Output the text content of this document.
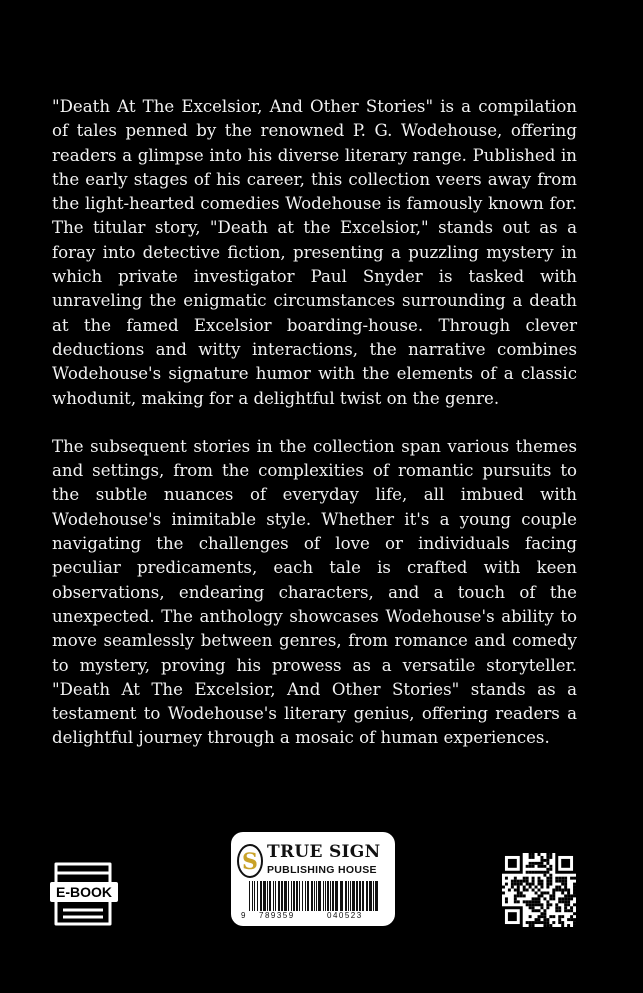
"Death At The Excelsior, And Other Stories" is a compilation of tales penned by the renowned P. G. Wodehouse, offering readers a glimpse into his diverse literary range. Published in the early stages of his career, this collection veers away from the light-hearted comedies Wodehouse is famously known for. The titular story, "Death at the Excelsior," stands out as a foray into detective fiction, presenting a puzzling mystery in which private investigator Paul Snyder is tasked with unraveling the enigmatic circumstances surrounding a death at the famed Excelsior boarding-house. Through clever deductions and witty interactions, the narrative combines Wodehouse's signature humor with the elements of a classic whodunit, making for a delightful twist on the genre.

The subsequent stories in the collection span various themes and settings, from the complexities of romantic pursuits to the subtle nuances of everyday life, all imbued with Wodehouse's inimitable style. Whether it's a young couple navigating the challenges of love or individuals facing peculiar predicaments, each tale is crafted with keen observations, endearing characters, and a touch of the unexpected. The anthology showcases Wodehouse's ability to move seamlessly between genres, from romance and comedy to mystery, proving his prowess as a versatile storyteller. "Death At The Excelsior, And Other Stories" stands as a testament to Wodehouse's literary genius, offering readers a delightful journey through a mosaic of human experiences.

E-BOOK
S TRUE SIGN
PUBLISHING HOUSE
9 789359	040523
